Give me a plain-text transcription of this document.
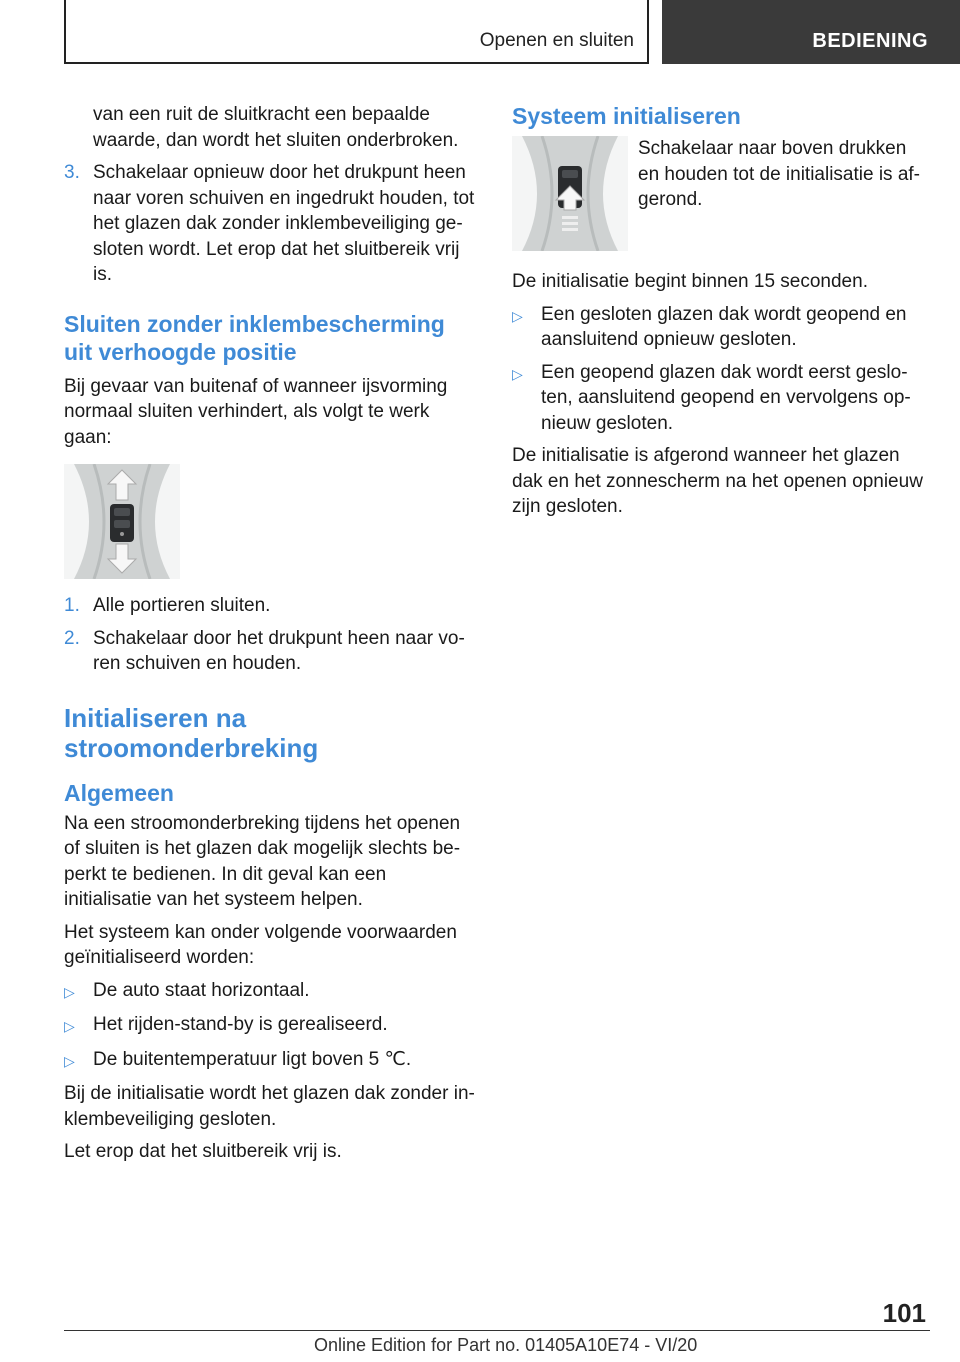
Openen en sluiten	BEDIENING

van een ruit de sluitkracht een bepaalde waarde, dan wordt het sluiten onderbroken.

3. Schakelaar opnieuw door het drukpunt heen naar voren schuiven en ingedrukt houden, tot het glazen dak zonder inklembeveiliging ge-sloten wordt. Let erop dat het sluitbereik vrij is.
Sluiten zonder inklembescherming uit verhoogde positie

Bij gevaar van buitenaf of wanneer ijsvorming normaal sluiten verhindert, als volgt te werk gaan:

1. Alle portieren sluiten.
2. Schakelaar door het drukpunt heen naar vo-ren schuiven en houden.
Initialiseren na stroomonderbreking
Algemeen

Na een stroomonderbreking tijdens het openen of sluiten is het glazen dak mogelijk slechts be-perkt te bedienen. In dit geval kan een initialisatie van het systeem helpen.

Het systeem kan onder volgende voorwaarden geïnitialiseerd worden:

▷ De auto staat horizontaal.
▷ Het rijden-stand-by is gerealiseerd.
▷ De buitentemperatuur ligt boven 5 ℃.

Bij de initialisatie wordt het glazen dak zonder in-klembeveiliging gesloten.

Let erop dat het sluitbereik vrij is.

Systeem initialiseren

Schakelaar naar boven drukken en houden tot de initialisatie is af-gerond.

De initialisatie begint binnen 15 seconden.

▷ Een gesloten glazen dak wordt geopend en aansluitend opnieuw gesloten.
▷ Een geopend glazen dak wordt eerst geslo-ten, aansluitend geopend en vervolgens op-nieuw gesloten.

De initialisatie is afgerond wanneer het glazen dak en het zonnescherm na het openen opnieuw zijn gesloten.

101
Online Edition for Part no. 01405A10E74 - VI/20
